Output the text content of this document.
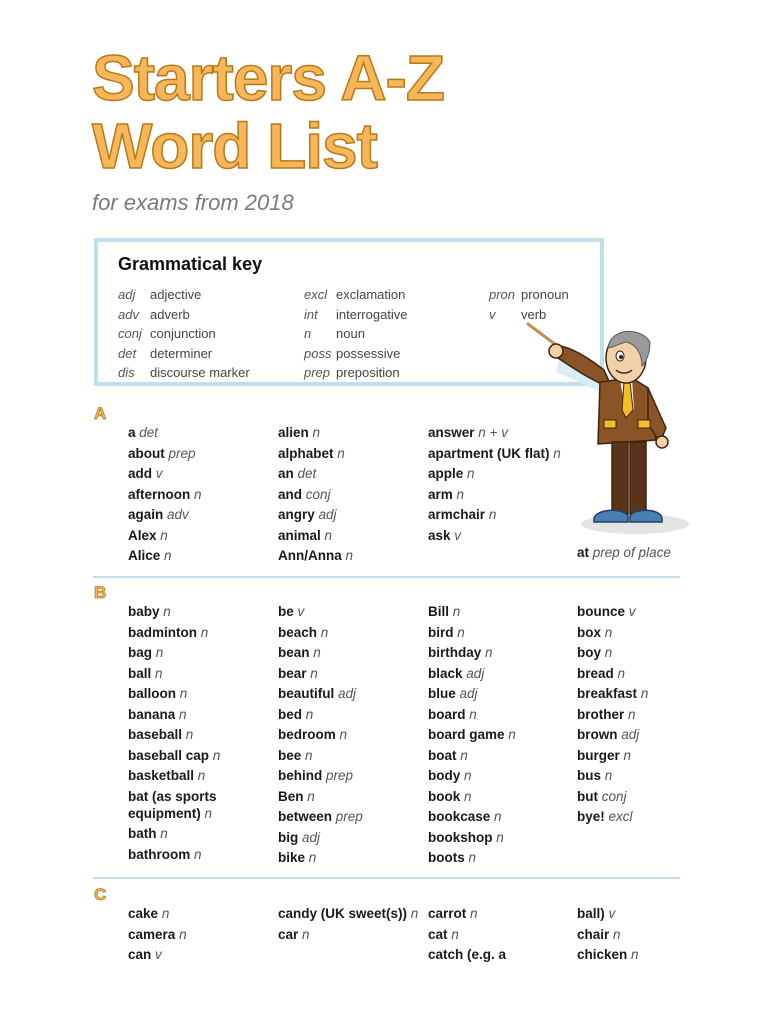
Starters A-Z
Word List

for exams from 2018

Grammatical key
adj adjective
adv adverb
conj conjunction
det determiner
dis discourse marker
excl exclamation
int interrogative
n noun
poss possessive
prep preposition
pron pronoun
v verb
A
B
C
a det
about prep
add v
afternoon n
again adv
Alex n
Alice n
alien n
alphabet n
an det
and conj
angry adj
animal n
Ann/Anna n
answer n + v
apartment (UK flat) n
apple n
arm n
armchair n
ask v
at prep of place
baby n
badminton n
bag n
ball n
balloon n
banana n
baseball n
baseball cap n
basketball n
bat (as sports equipment) n
bath n
bathroom n
be v
beach n
bean n
bear n
beautiful adj
bed n
bedroom n
bee n
behind prep
Ben n
between prep
big adj
bike n
Bill n
bird n
birthday n
black adj
blue adj
board n
board game n
boat n
body n
book n
bookcase n
bookshop n
boots n
bounce v
box n
boy n
bread n
breakfast n
brother n
brown adj
burger n
bus n
but conj
bye! excl
cake n
camera n
can v
candy (UK sweet(s)) n
car n
carrot n
cat n
catch (e.g. a
ball) v
chair n
chicken n
